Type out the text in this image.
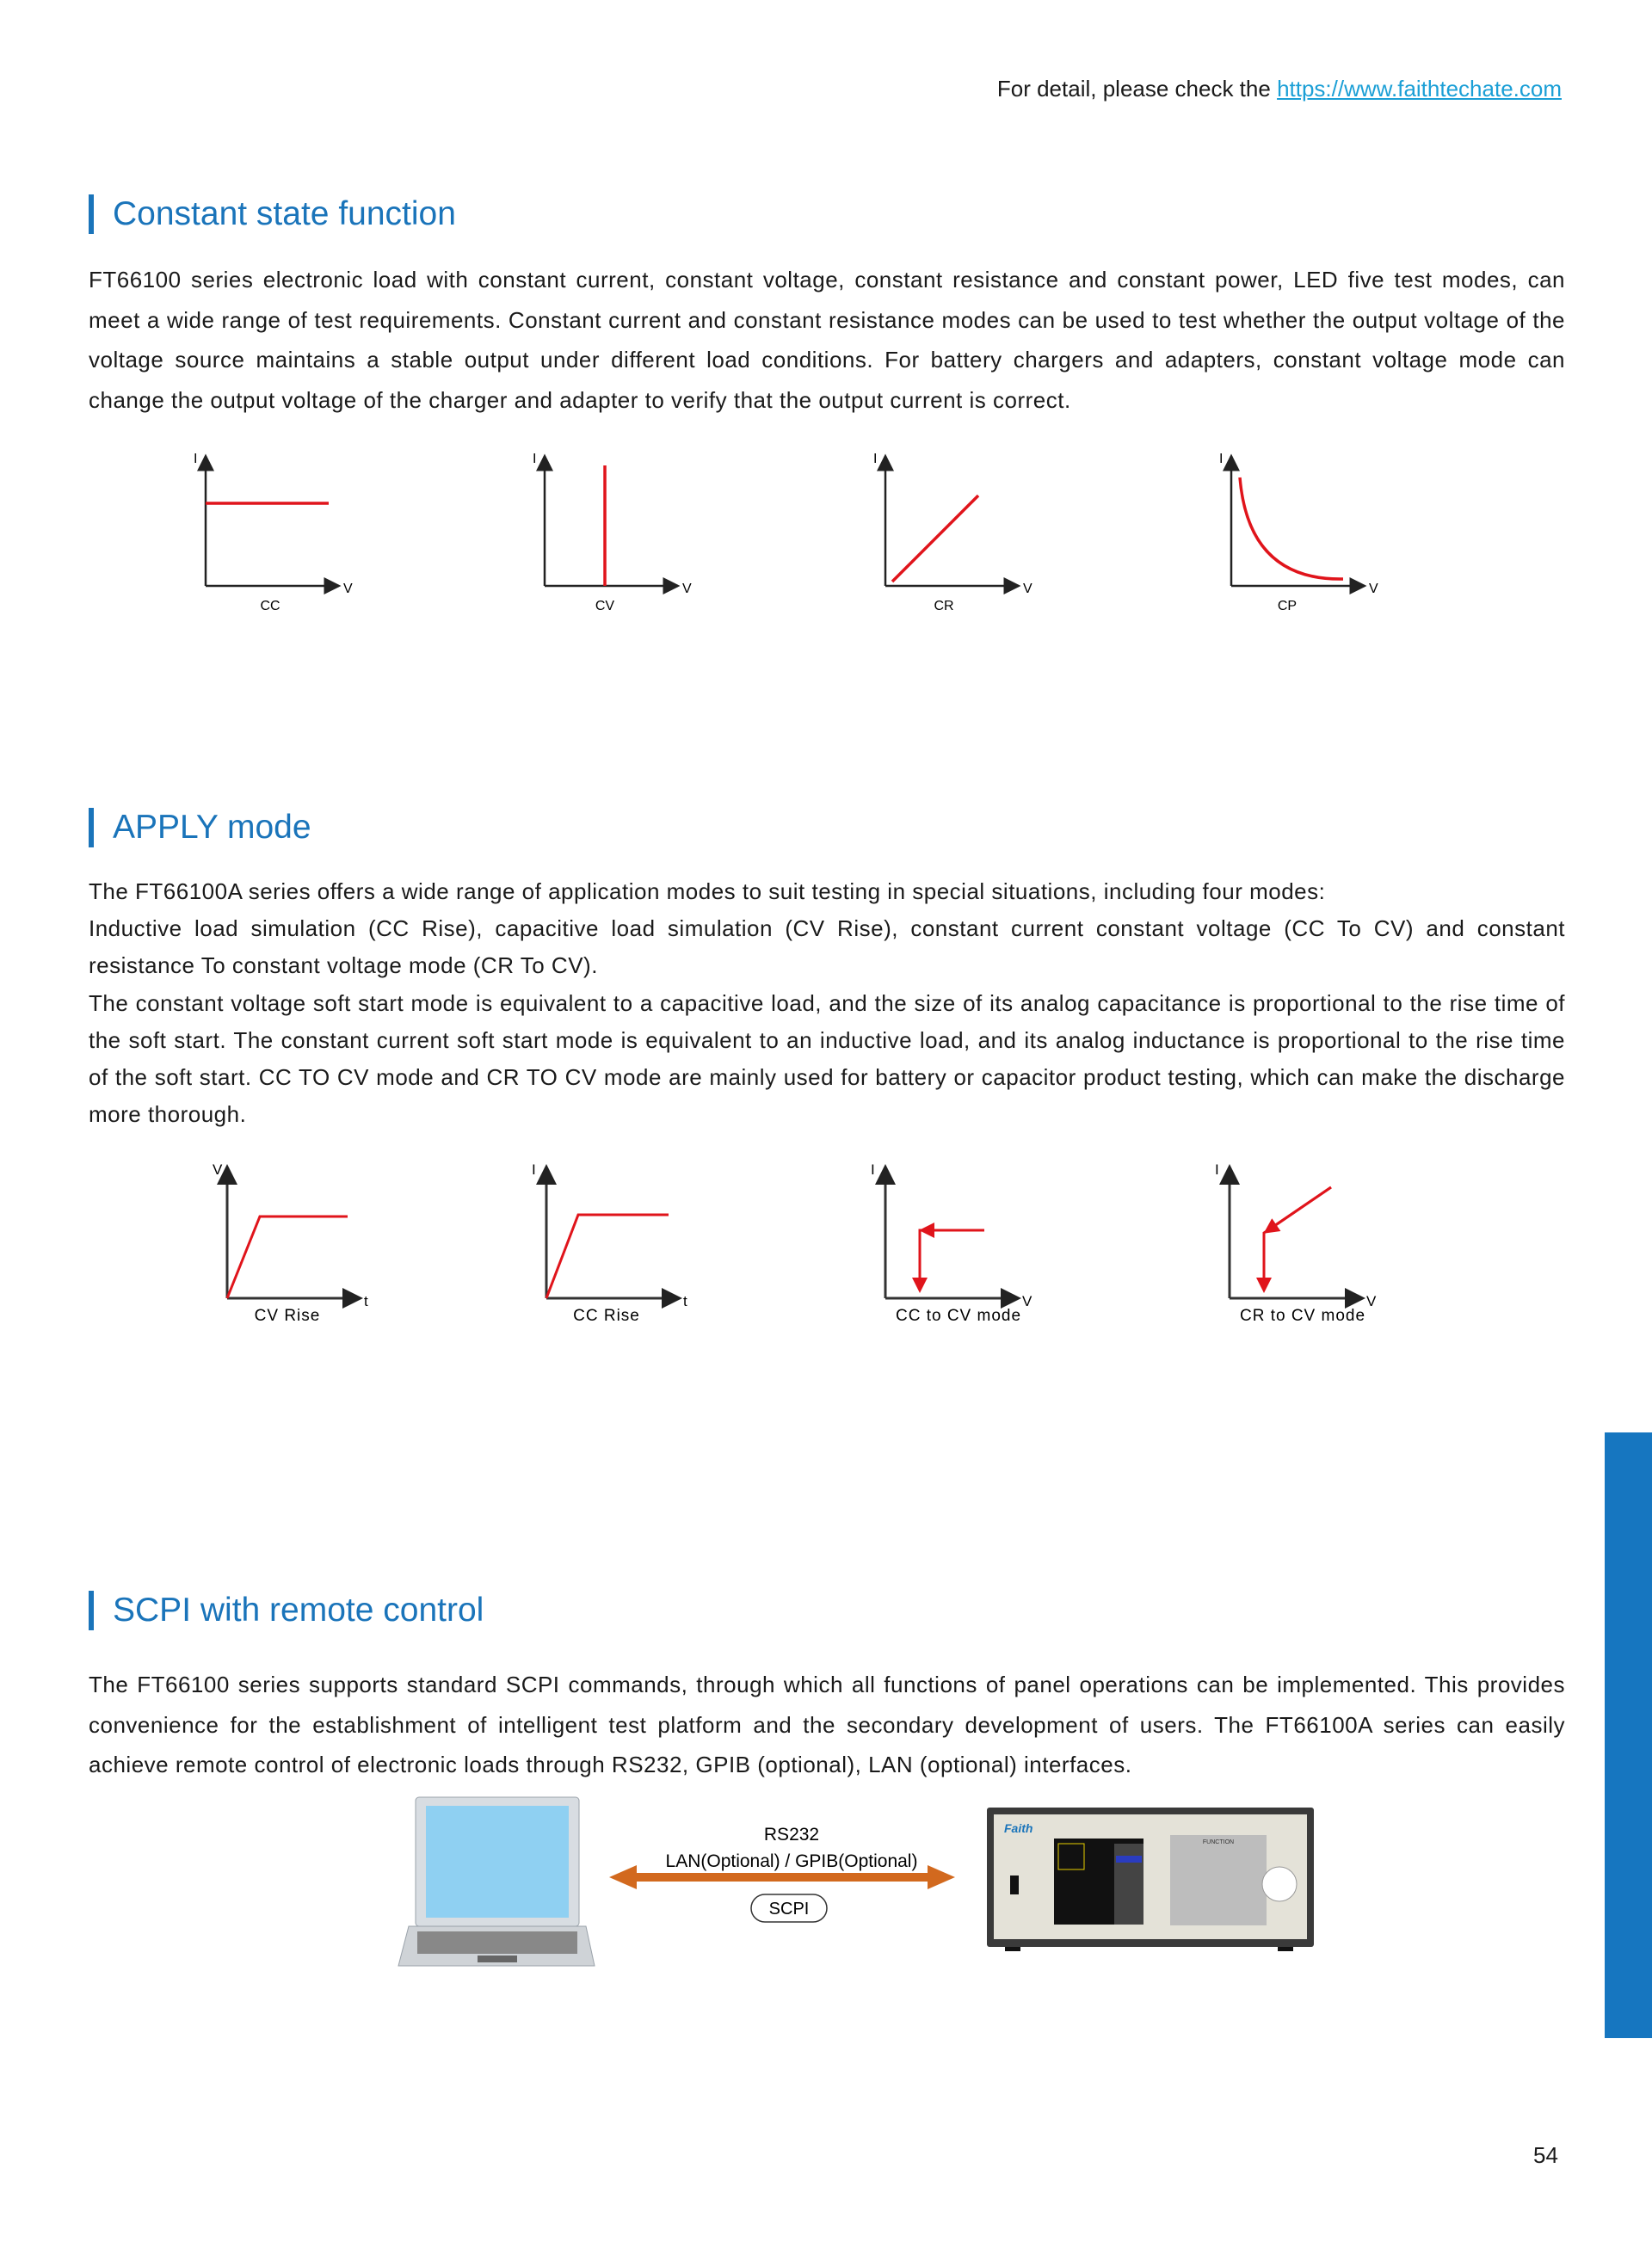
For detail, please check the https://www.faithtechate.com
Constant state function

FT66100 series electronic load with constant current, constant voltage, constant resistance and constant power, LED five test modes, can meet a wide range of test requirements. Constant current and constant resistance modes can be used to test whether the output voltage of the voltage source maintains a stable output under different load conditions. For battery chargers and adapters, constant voltage mode can change the output voltage of the charger and adapter to verify that the output current is correct.

APPLY mode

The FT66100A series offers a wide range of application modes to suit testing in special situations, including four modes:

Inductive load simulation (CC Rise), capacitive load simulation (CV Rise), constant current constant voltage (CC To CV) and constant resistance To constant voltage mode (CR To CV).

The constant voltage soft start mode is equivalent to a capacitive load, and the size of its analog capacitance is proportional to the rise time of the soft start. The constant current soft start mode is equivalent to an inductive load, and its analog inductance is proportional to the rise time of the soft start. CC TO CV mode and CR TO CV mode are mainly used for battery or capacitor product testing, which can make the discharge more thorough.

SCPI with remote control

The FT66100 series supports standard SCPI commands, through which all functions of panel operations can be implemented. This provides convenience for the establishment of intelligent test platform and the secondary development of users. The FT66100A series can easily achieve remote control of electronic loads through RS232, GPIB (optional), LAN (optional) interfaces.

I
V
CC
I
V
CV
I
V
CR
I
V
CP
V
t
CV Rise
I
t
CC Rise
I
V
CC to CV mode
I
V
CR to CV mode
RS232
LAN(Optional) / GPIB(Optional)
SCPI
Faith
FUNCTION
54
